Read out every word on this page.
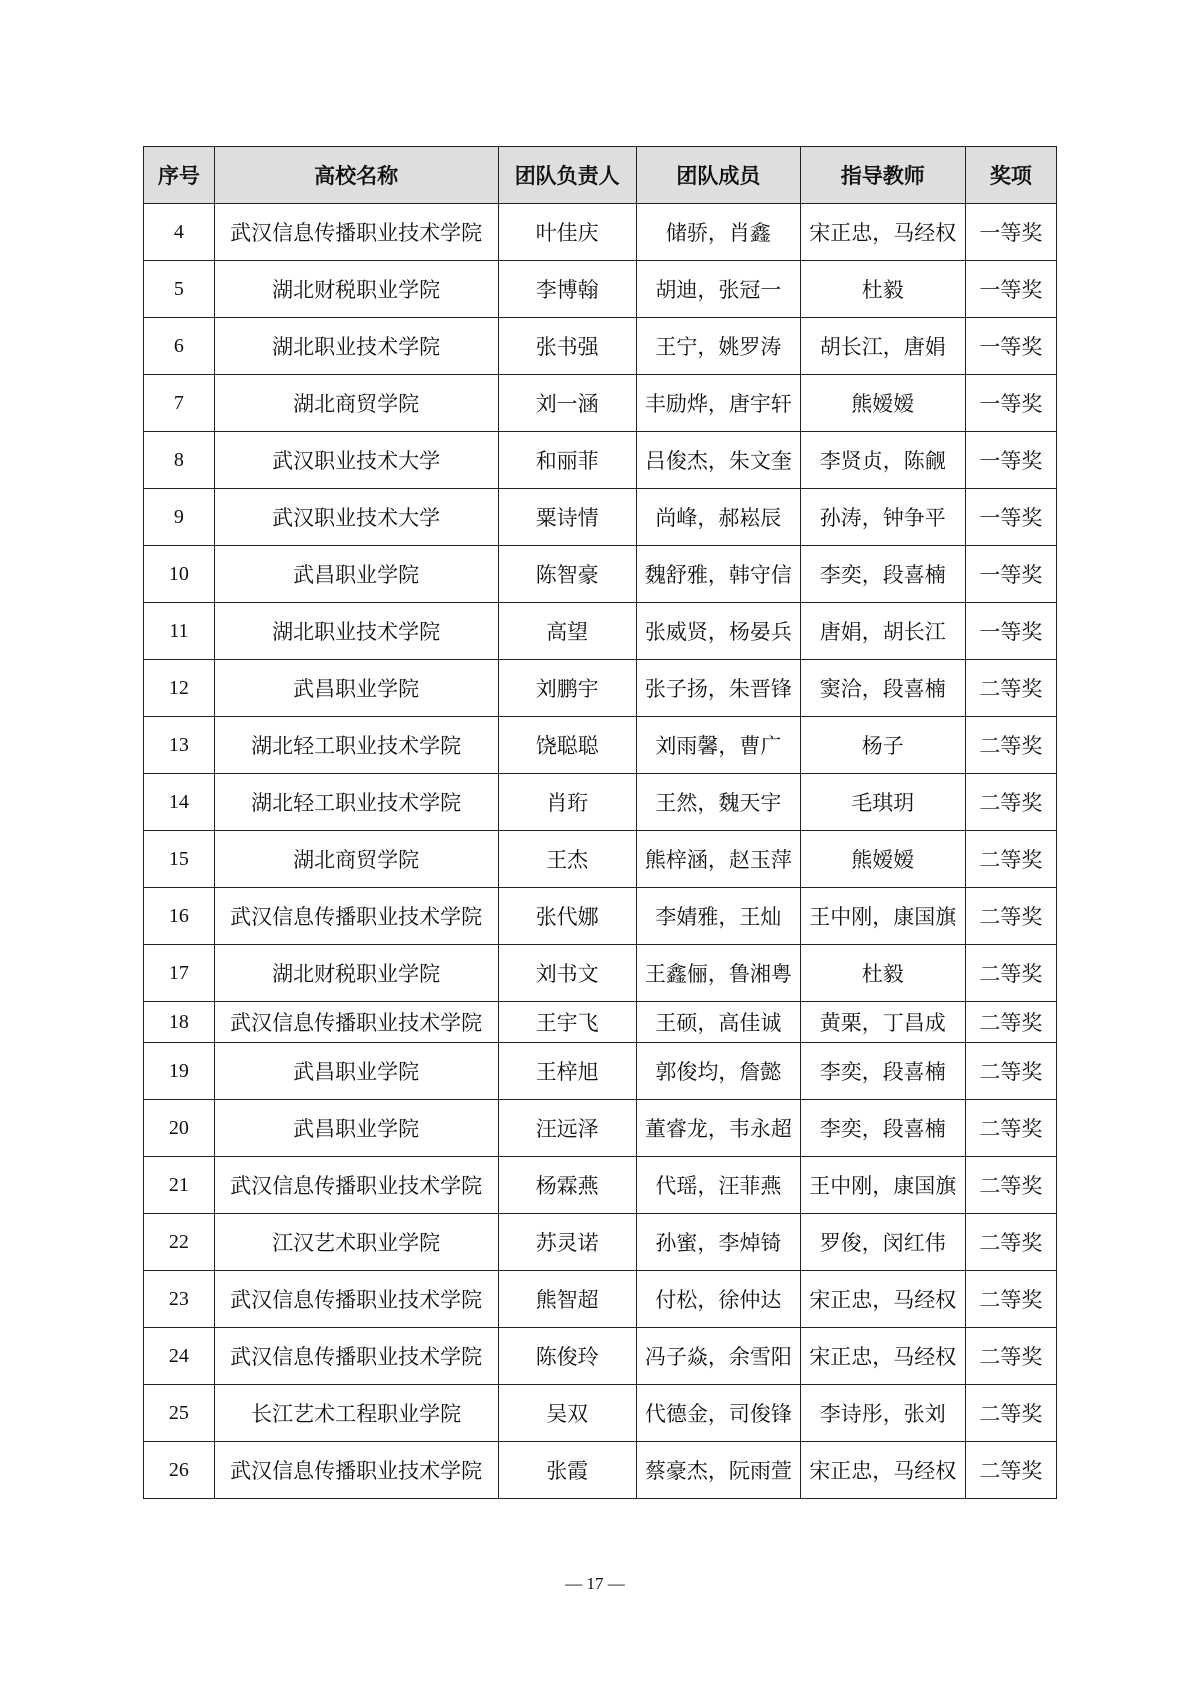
序号	高校名称	团队负责人	团队成员	指导教师	奖项
4	武汉信息传播职业技术学院	叶佳庆	储骄，肖鑫	宋正忠，马经权	一等奖
5	湖北财税职业学院	李博翰	胡迪，张冠一	杜毅	一等奖
6	湖北职业技术学院	张书强	王宁，姚罗涛	胡长江，唐娟	一等奖
7	湖北商贸学院	刘一涵	丰励烨，唐宇轩	熊嫒嫒	一等奖
8	武汉职业技术大学	和丽菲	吕俊杰，朱文奎	李贤贞，陈觎	一等奖
9	武汉职业技术大学	粟诗情	尚峰，郝崧辰	孙涛，钟争平	一等奖
10	武昌职业学院	陈智豪	魏舒雅，韩守信	李奕，段喜楠	一等奖
11	湖北职业技术学院	高望	张威贤，杨晏兵	唐娟，胡长江	一等奖
12	武昌职业学院	刘鹏宇	张子扬，朱晋锋	窦洽，段喜楠	二等奖
13	湖北轻工职业技术学院	饶聪聪	刘雨馨，曹广	杨子	二等奖
14	湖北轻工职业技术学院	肖珩	王然，魏天宇	毛琪玥	二等奖
15	湖北商贸学院	王杰	熊梓涵，赵玉萍	熊嫒嫒	二等奖
16	武汉信息传播职业技术学院	张代娜	李婧雅，王灿	王中刚，康国旗	二等奖
17	湖北财税职业学院	刘书文	王鑫俪，鲁湘粤	杜毅	二等奖
18	武汉信息传播职业技术学院	王宇飞	王硕，高佳诚	黄栗，丁昌成	二等奖
19	武昌职业学院	王梓旭	郭俊均，詹懿	李奕，段喜楠	二等奖
20	武昌职业学院	汪远泽	董睿龙，韦永超	李奕，段喜楠	二等奖
21	武汉信息传播职业技术学院	杨霖燕	代瑶，汪菲燕	王中刚，康国旗	二等奖
22	江汉艺术职业学院	苏灵诺	孙蜜，李焯锜	罗俊，闵红伟	二等奖
23	武汉信息传播职业技术学院	熊智超	付松，徐仲达	宋正忠，马经权	二等奖
24	武汉信息传播职业技术学院	陈俊玲	冯子焱，余雪阳	宋正忠，马经权	二等奖
25	长江艺术工程职业学院	吴双	代德金，司俊锋	李诗彤，张刘	二等奖
26	武汉信息传播职业技术学院	张霞	蔡豪杰，阮雨萱	宋正忠，马经权	二等奖
— 17 —
